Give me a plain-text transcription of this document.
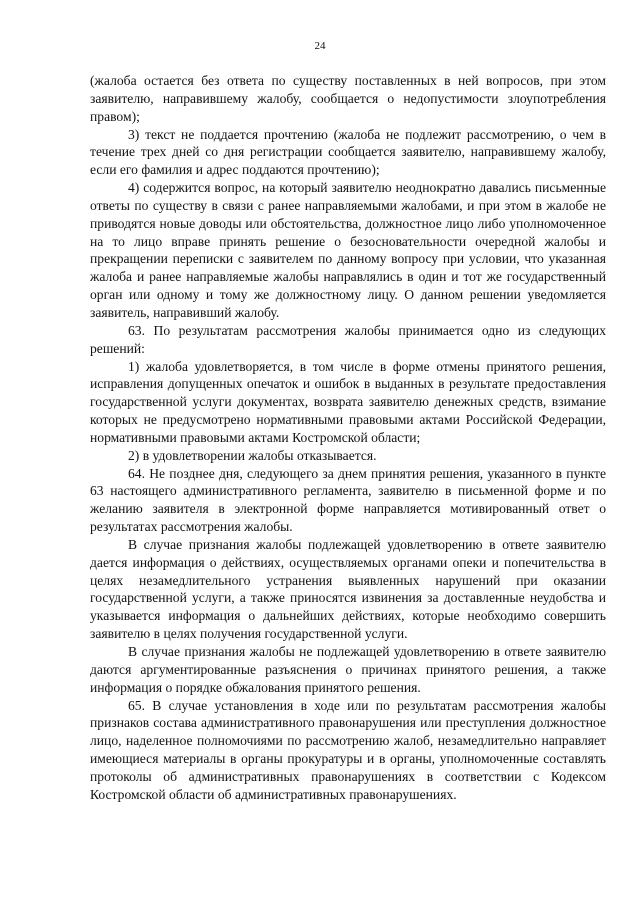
24

(жалоба остается без ответа по существу поставленных в ней вопросов, при этом заявителю, направившему жалобу, сообщается о недопустимости злоупотребления правом);

3) текст не поддается прочтению (жалоба не подлежит рассмотрению, о чем в течение трех дней со дня регистрации сообщается заявителю, направившему жалобу, если его фамилия и адрес поддаются прочтению);

4) содержится вопрос, на который заявителю неоднократно давались письменные ответы по существу в связи с ранее направляемыми жалобами, и при этом в жалобе не приводятся новые доводы или обстоятельства, должностное лицо либо уполномоченное на то лицо вправе принять решение о безосновательности очередной жалобы и прекращении переписки с заявителем по данному вопросу при условии, что указанная жалоба и ранее направляемые жалобы направлялись в один и тот же государственный орган или одному и тому же должностному лицу. О данном решении уведомляется заявитель, направивший жалобу.

63. По результатам рассмотрения жалобы принимается одно из следующих решений:

1) жалоба удовлетворяется, в том числе в форме отмены принятого решения, исправления допущенных опечаток и ошибок в выданных в результате предоставления государственной услуги документах, возврата заявителю денежных средств, взимание которых не предусмотрено нормативными правовыми актами Российской Федерации, нормативными правовыми актами Костромской области;

2) в удовлетворении жалобы отказывается.

64. Не позднее дня, следующего за днем принятия решения, указанного в пункте 63 настоящего административного регламента, заявителю в письменной форме и по желанию заявителя в электронной форме направляется мотивированный ответ о результатах рассмотрения жалобы.

В случае признания жалобы подлежащей удовлетворению в ответе заявителю дается информация о действиях, осуществляемых органами опеки и попечительства в целях незамедлительного устранения выявленных нарушений при оказании государственной услуги, а также приносятся извинения за доставленные неудобства и указывается информация о дальнейших действиях, которые необходимо совершить заявителю в целях получения государственной услуги.

В случае признания жалобы не подлежащей удовлетворению в ответе заявителю даются аргументированные разъяснения о причинах принятого решения, а также информация о порядке обжалования принятого решения.

65. В случае установления в ходе или по результатам рассмотрения жалобы признаков состава административного правонарушения или преступления должностное лицо, наделенное полномочиями по рассмотрению жалоб, незамедлительно направляет имеющиеся материалы в органы прокуратуры и в органы, уполномоченные составлять протоколы об административных правонарушениях в соответствии с Кодексом Костромской области об административных правонарушениях.
